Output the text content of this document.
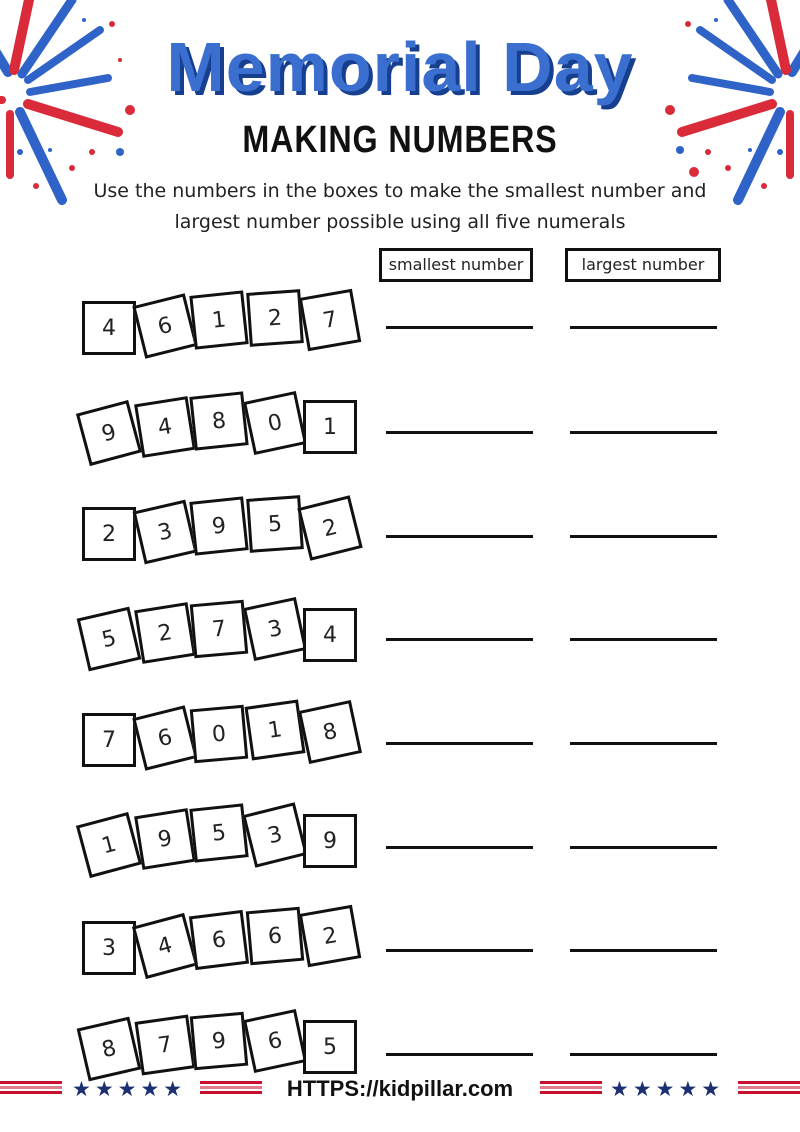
Memorial Day
MAKING NUMBERS
Use the numbers in the boxes to make the smallest number and largest number possible using all five numerals
smallest number	largest number
4	6	1	2	7
9	4	8	0	1
2	3	9	5	2
5	2	7	3	4
7	6	0	1	8
1	9	5	3	9
3	4	6	6	2
8	7	9	6	5
★★★★★	HTTPS://kidpillar.com	★★★★★
